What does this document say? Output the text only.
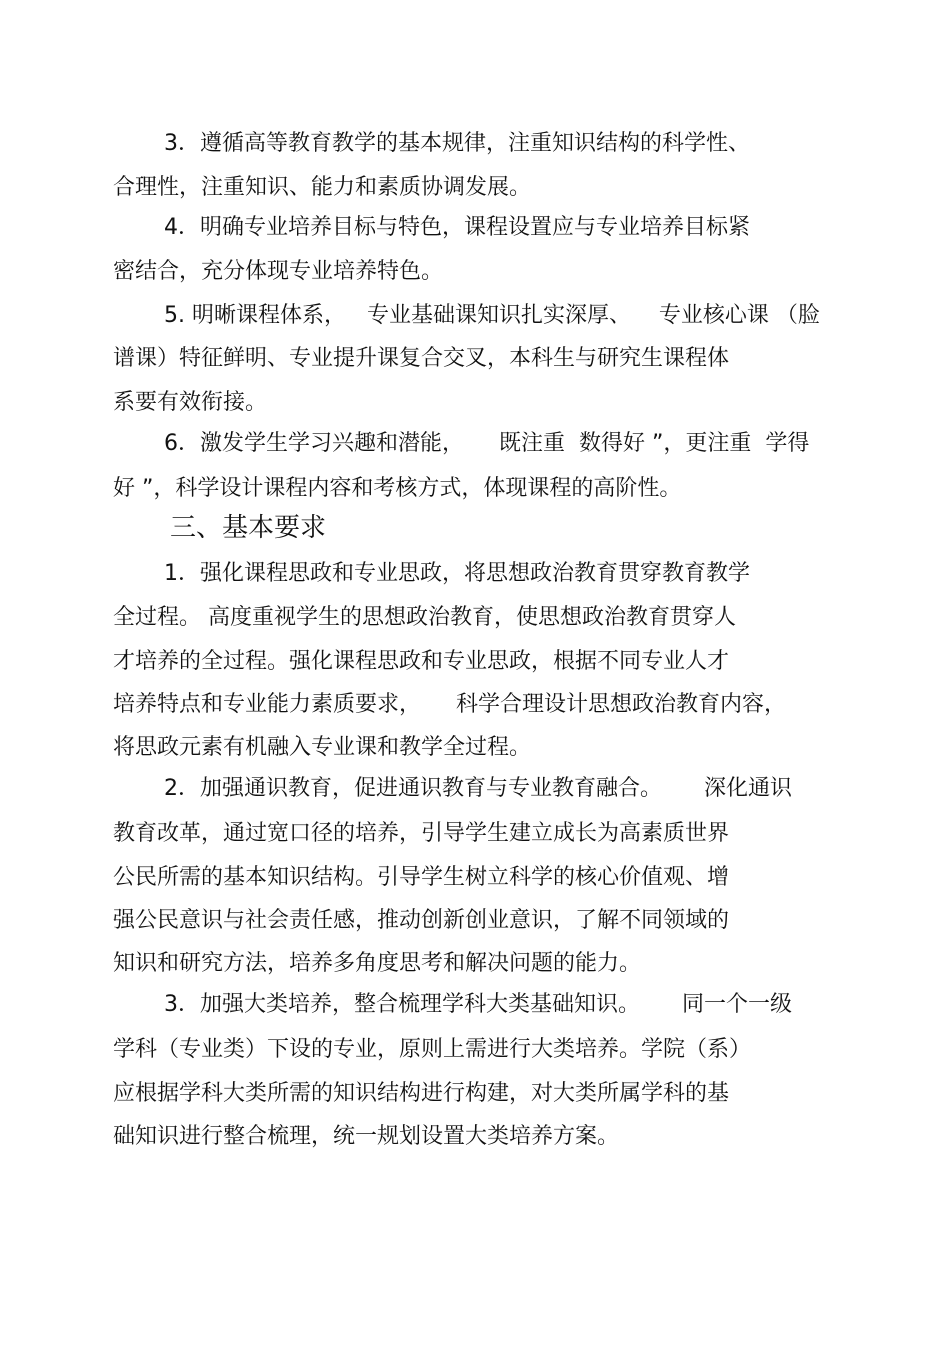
3．遵循高等教育教学的基本规律，注重知识结构的科学性、
合理性，注重知识、能力和素质协调发展。
4．明确专业培养目标与特色，课程设置应与专业培养目标紧
密结合，充分体现专业培养特色。
5. 明晰课程体系，   专业基础课知识扎实深厚、    专业核心课 （脸
谱课）特征鲜明、专业提升课复合交叉，本科生与研究生课程体
系要有效衔接。
6．激发学生学习兴趣和潜能，     既注重  数得好 ”，更注重  学得
好 ”，科学设计课程内容和考核方式，体现课程的高阶性。
三、基本要求
1．强化课程思政和专业思政，将思想政治教育贯穿教育教学
全过程。 高度重视学生的思想政治教育，使思想政治教育贯穿人
才培养的全过程。强化课程思政和专业思政，根据不同专业人才
培养特点和专业能力素质要求，     科学合理设计思想政治教育内容，
将思政元素有机融入专业课和教学全过程。
2．加强通识教育，促进通识教育与专业教育融合。      深化通识
教育改革，通过宽口径的培养，引导学生建立成长为高素质世界
公民所需的基本知识结构。引导学生树立科学的核心价值观、增
强公民意识与社会责任感，推动创新创业意识，了解不同领域的
知识和研究方法，培养多角度思考和解决问题的能力。
3．加强大类培养，整合梳理学科大类基础知识。      同一个一级
学科（专业类）下设的专业，原则上需进行大类培养。学院（系）
应根据学科大类所需的知识结构进行构建，对大类所属学科的基
础知识进行整合梳理，统一规划设置大类培养方案。
